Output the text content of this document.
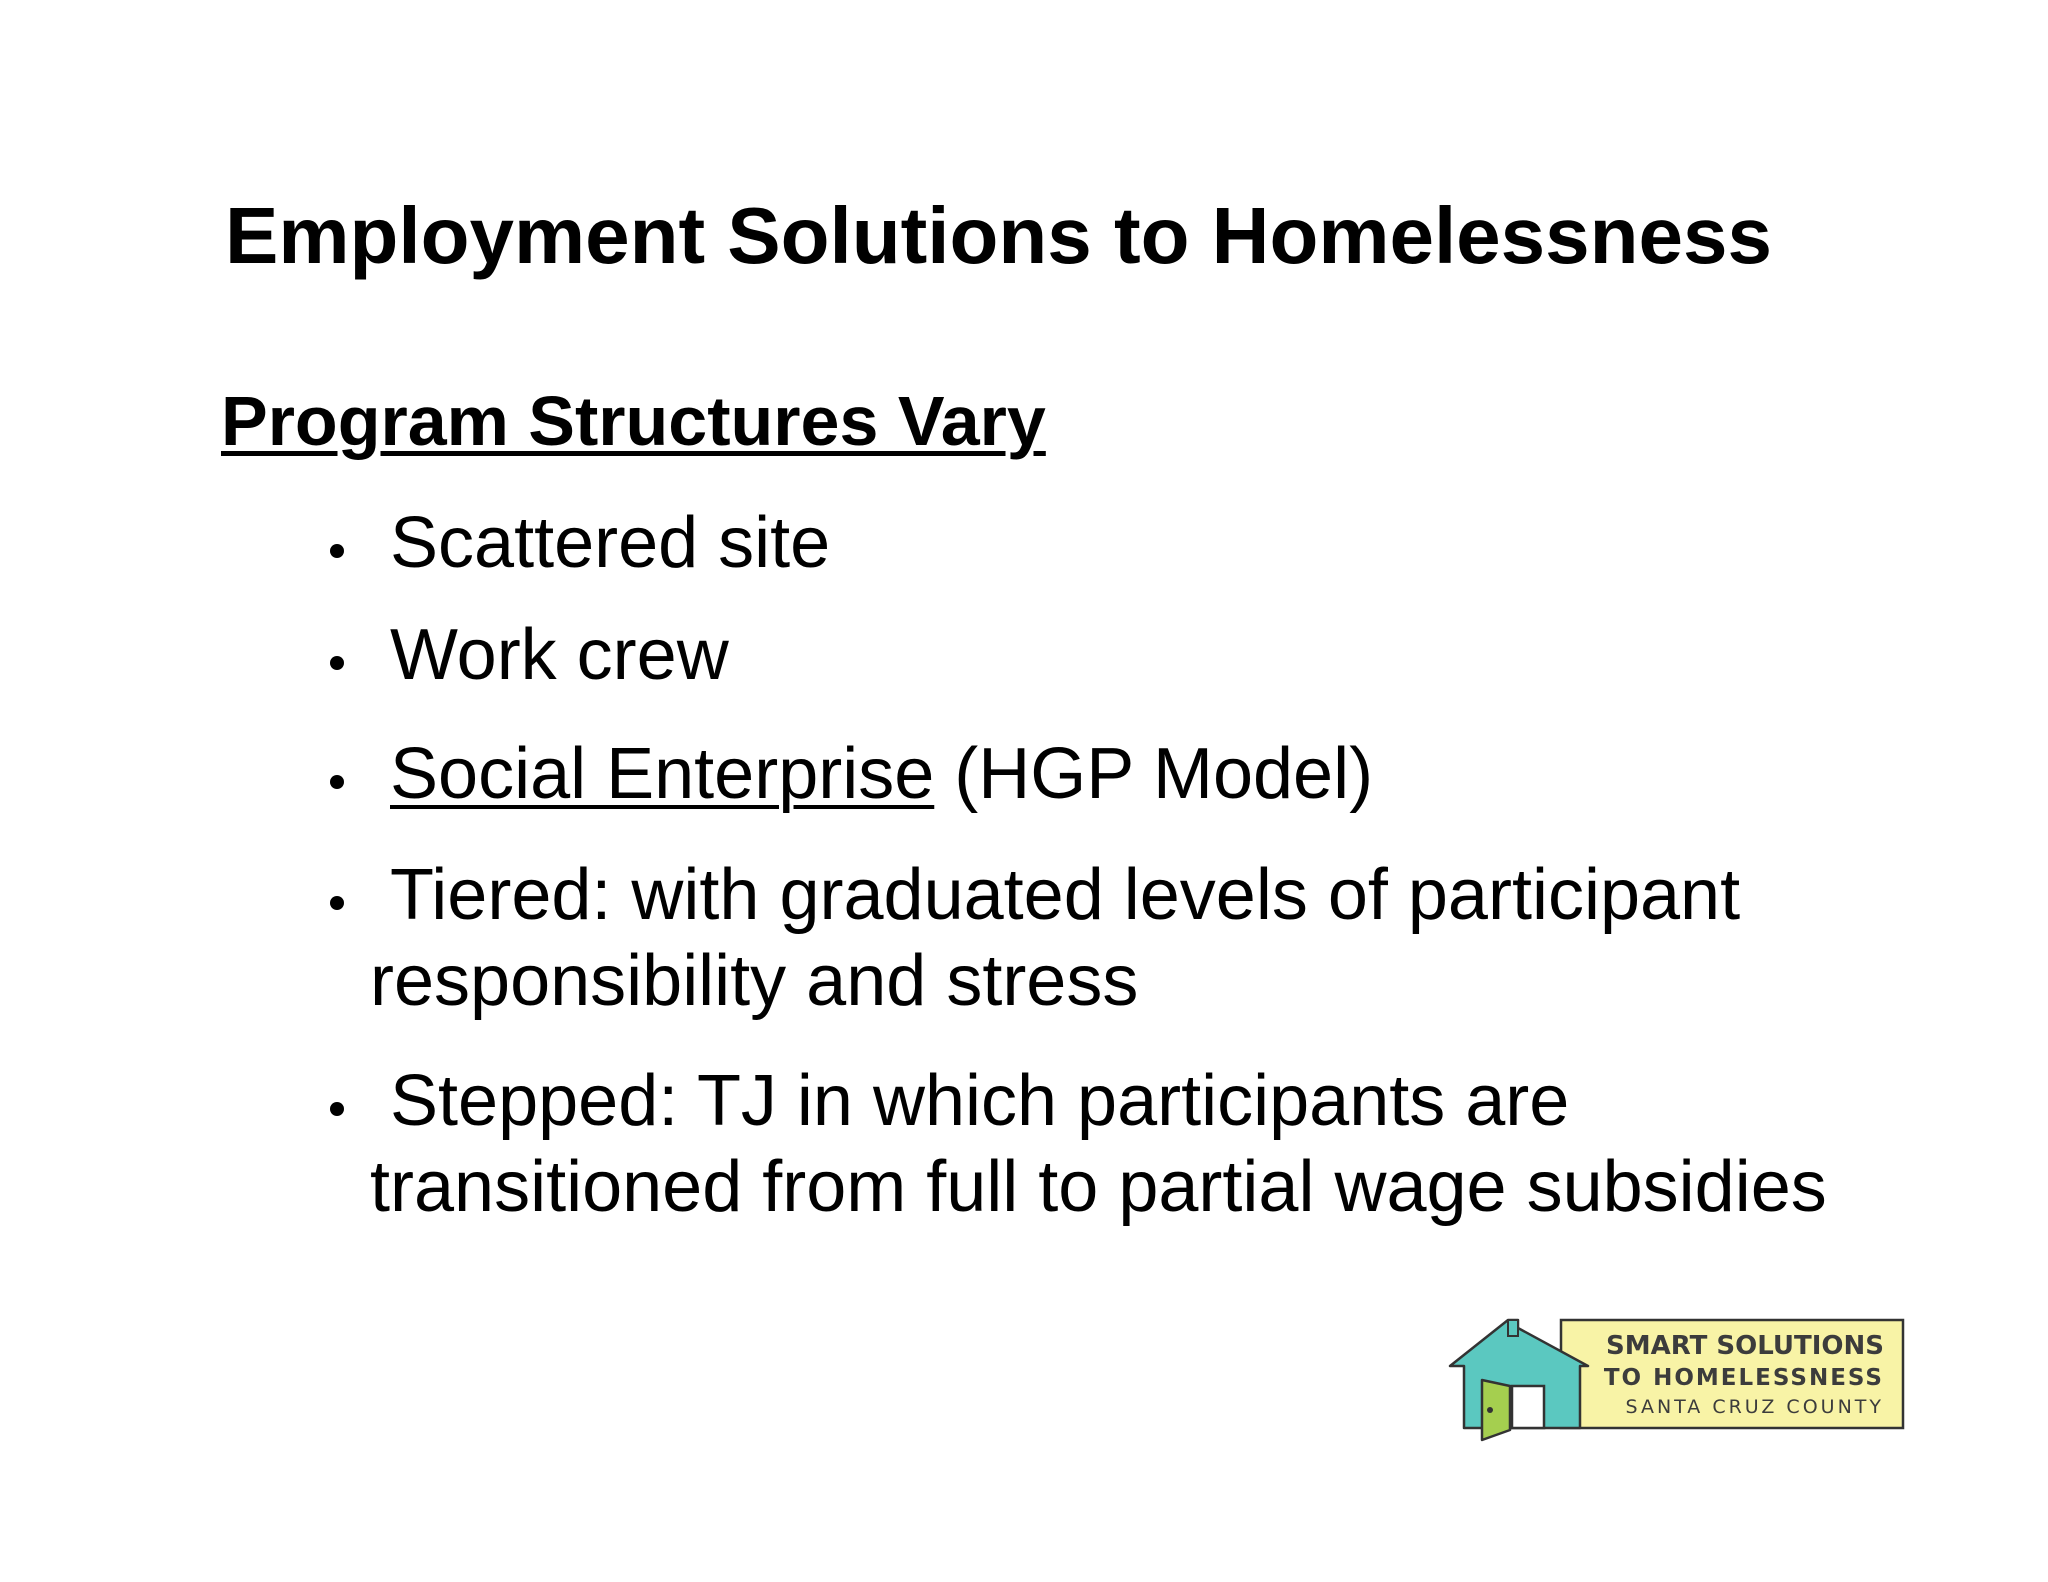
Employment Solutions to Homelessness
Program Structures Vary
Scattered site
Work crew
Social Enterprise (HGP Model)
Tiered: with graduated levels of participant
responsibility and stress
Stepped: TJ in which participants are
transitioned from full to partial wage subsidies
SMART SOLUTIONS
TO HOMELESSNESS
SANTA CRUZ COUNTY
